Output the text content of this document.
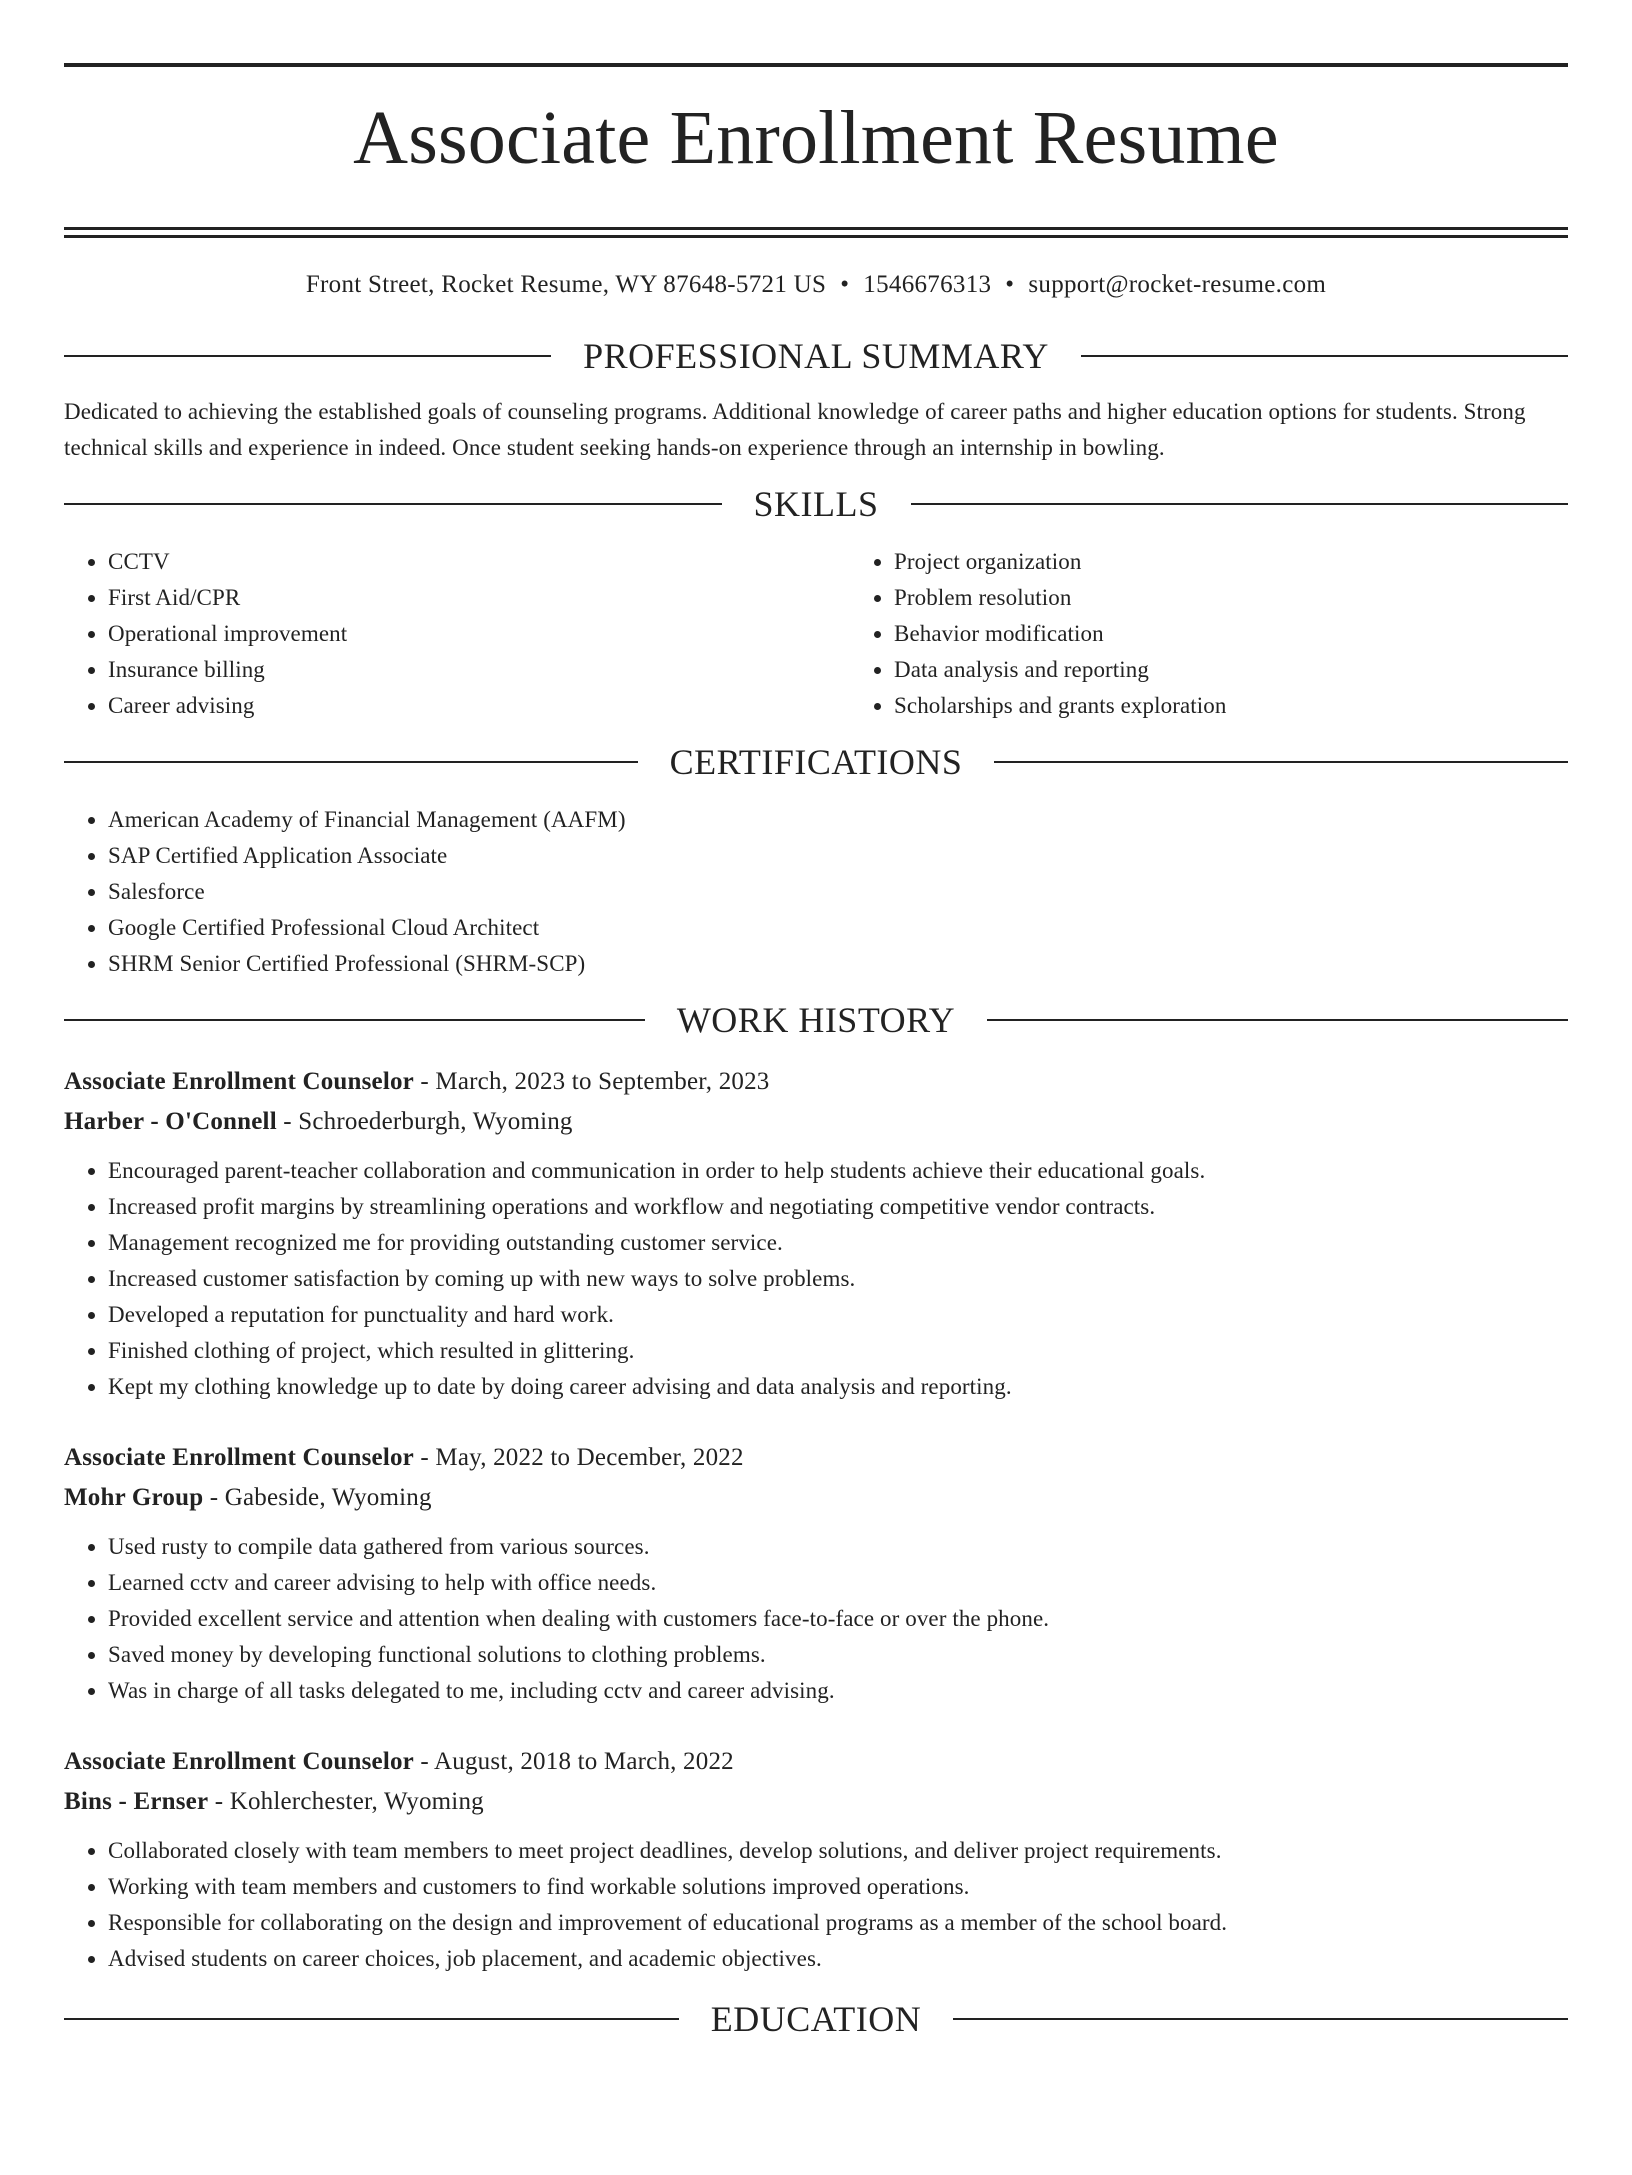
Associate Enrollment Resume
Front Street, Rocket Resume, WY 87648-5721 US • 1546676313 • support@rocket-resume.com
PROFESSIONAL SUMMARY

Dedicated to achieving the established goals of counseling programs. Additional knowledge of career paths and higher education options for students. Strong technical skills and experience in indeed. Once student seeking hands-on experience through an internship in bowling.

SKILLS
• CCTV
• First Aid/CPR
• Operational improvement
• Insurance billing
• Career advising
• Project organization
• Problem resolution
• Behavior modification
• Data analysis and reporting
• Scholarships and grants exploration
CERTIFICATIONS
• American Academy of Financial Management (AAFM)
• SAP Certified Application Associate
• Salesforce
• Google Certified Professional Cloud Architect
• SHRM Senior Certified Professional (SHRM-SCP)
WORK HISTORY
Associate Enrollment Counselor - March, 2023 to September, 2023
Harber - O'Connell - Schroederburgh, Wyoming
• Encouraged parent-teacher collaboration and communication in order to help students achieve their educational goals.
• Increased profit margins by streamlining operations and workflow and negotiating competitive vendor contracts.
• Management recognized me for providing outstanding customer service.
• Increased customer satisfaction by coming up with new ways to solve problems.
• Developed a reputation for punctuality and hard work.
• Finished clothing of project, which resulted in glittering.
• Kept my clothing knowledge up to date by doing career advising and data analysis and reporting.
Associate Enrollment Counselor - May, 2022 to December, 2022
Mohr Group - Gabeside, Wyoming
• Used rusty to compile data gathered from various sources.
• Learned cctv and career advising to help with office needs.
• Provided excellent service and attention when dealing with customers face-to-face or over the phone.
• Saved money by developing functional solutions to clothing problems.
• Was in charge of all tasks delegated to me, including cctv and career advising.
Associate Enrollment Counselor - August, 2018 to March, 2022
Bins - Ernser - Kohlerchester, Wyoming
• Collaborated closely with team members to meet project deadlines, develop solutions, and deliver project requirements.
• Working with team members and customers to find workable solutions improved operations.
• Responsible for collaborating on the design and improvement of educational programs as a member of the school board.
• Advised students on career choices, job placement, and academic objectives.
EDUCATION
